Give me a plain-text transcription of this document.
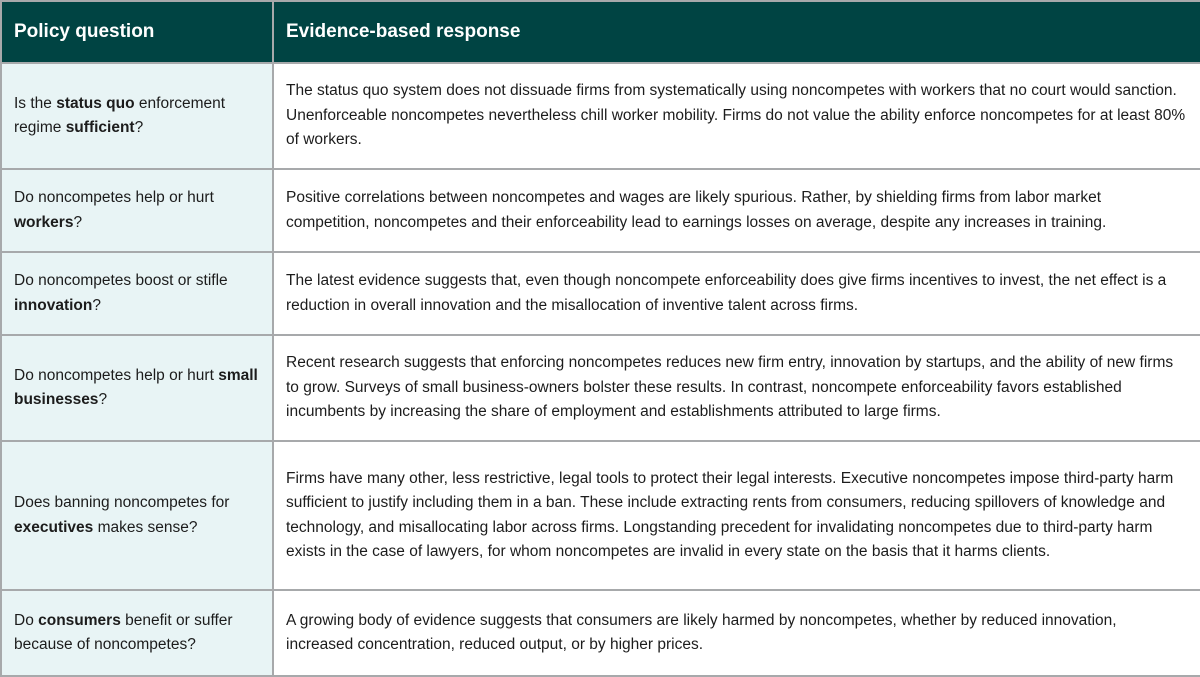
Policy question	Evidence-based response
Is the status quo enforcement regime sufficient?	The status quo system does not dissuade firms from systematically using noncompetes with workers that no court would sanction. Unenforceable noncompetes nevertheless chill worker mobility. Firms do not value the ability enforce noncompetes for at least 80% of workers.
Do noncompetes help or hurt workers?	Positive correlations between noncompetes and wages are likely spurious. Rather, by shielding firms from labor market competition, noncompetes and their enforceability lead to earnings losses on average, despite any increases in training.
Do noncompetes boost or stifle innovation?	The latest evidence suggests that, even though noncompete enforceability does give firms incentives to invest, the net effect is a reduction in overall innovation and the misallocation of inventive talent across firms.
Do noncompetes help or hurt small businesses?	Recent research suggests that enforcing noncompetes reduces new firm entry, innovation by startups, and the ability of new firms to grow. Surveys of small business-owners bolster these results. In contrast, noncompete enforceability favors established incumbents by increasing the share of employment and establishments attributed to large firms.
Does banning noncompetes for executives makes sense?	Firms have many other, less restrictive, legal tools to protect their legal interests. Executive noncompetes impose third-party harm sufficient to justify including them in a ban. These include extracting rents from consumers, reducing spillovers of knowledge and technology, and misallocating labor across firms. Longstanding precedent for invalidating noncompetes due to third-party harm exists in the case of lawyers, for whom noncompetes are invalid in every state on the basis that it harms clients.
Do consumers benefit or suffer because of noncompetes?	A growing body of evidence suggests that consumers are likely harmed by noncompetes, whether by reduced innovation, increased concentration, reduced output, or by higher prices.
